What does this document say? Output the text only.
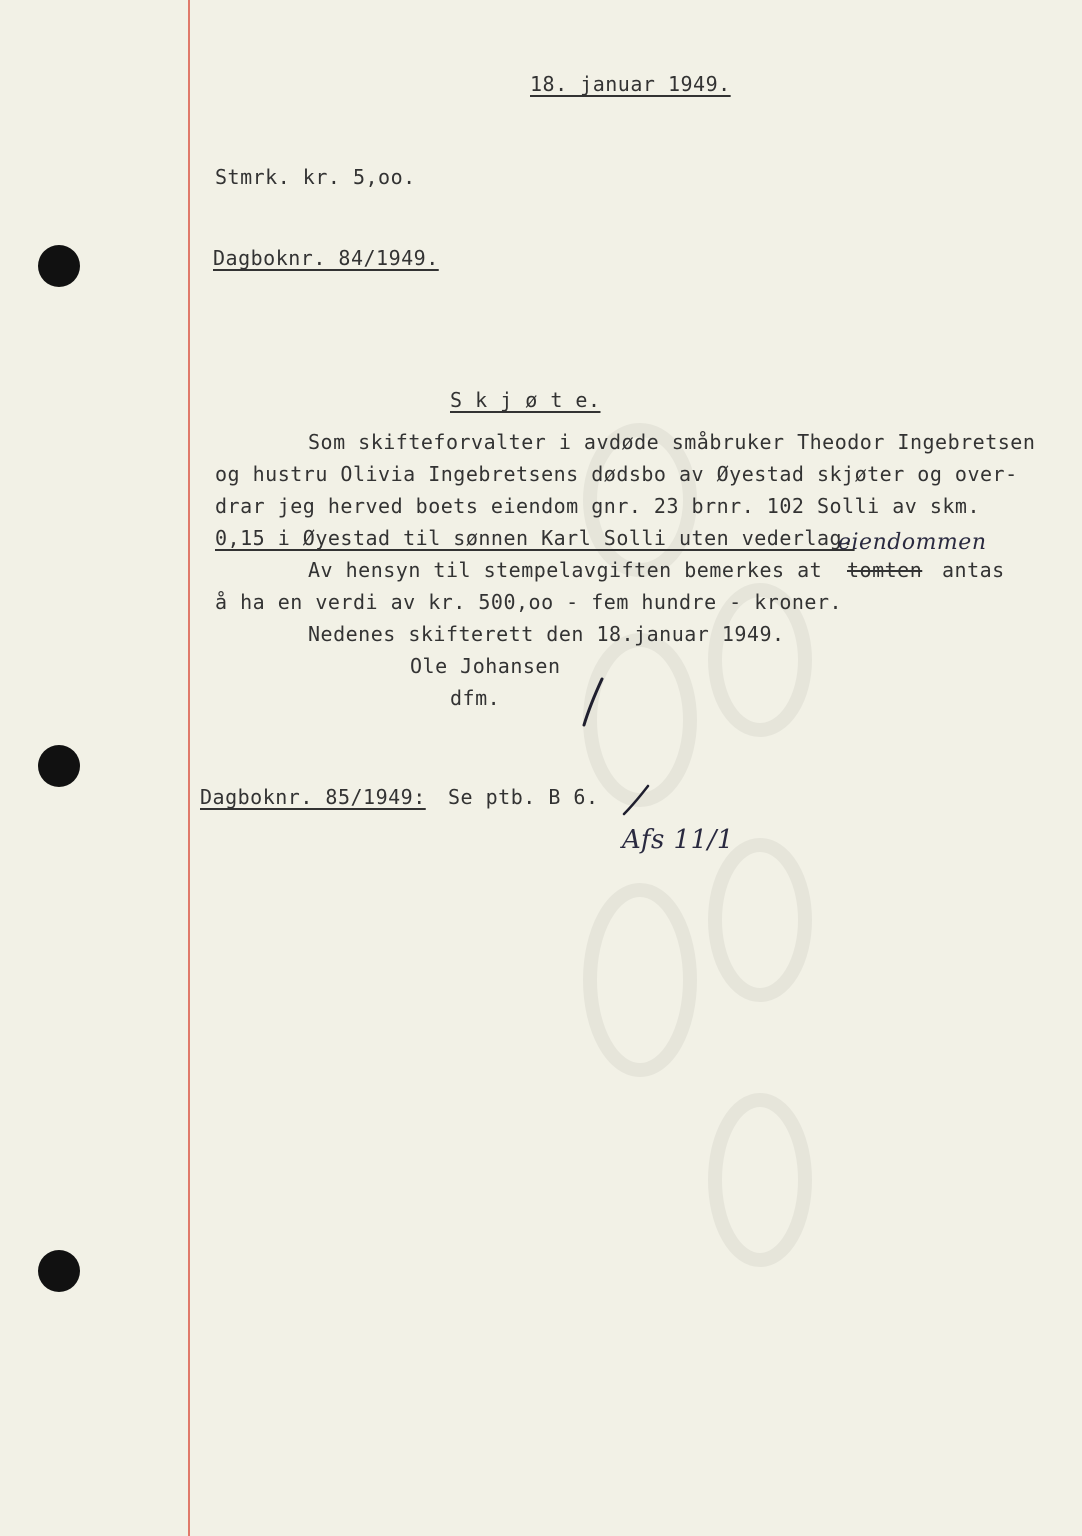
18. januar 1949.
Stmrk. kr. 5,oo.
Dagboknr. 84/1949.
S k j ø t e.
Som skiftеforvalter i avdøde småbruker Theodor Ingebretsen
og hustru Olivia Ingebretsens dødsbo av Øyestad skjøter og over-
drar jeg herved boets eiendom gnr. 23 brnr. 102 Solli av skm.
0,15 i Øyestad til sønnen Karl Solli uten vederlag.
eiendommen
Av hensyn til stempelavgiften bemerkes at tomten antas
å ha en verdi av kr. 500,oo - fem hundre - kroner.
Nedenes skifterett den 18.januar 1949.
Ole Johansen
dfm.
Dagboknr. 85/1949: Se ptb. B 6.
Afs 11/1
